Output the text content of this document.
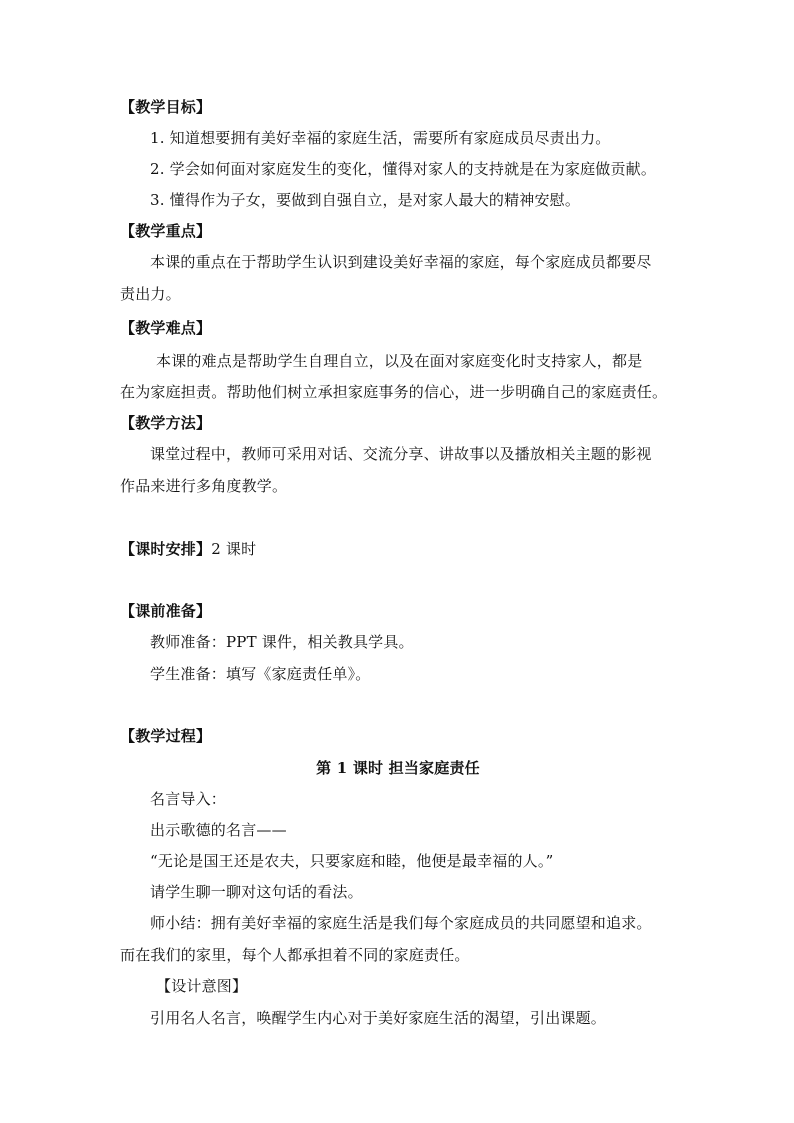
【教学目标】
1. 知道想要拥有美好幸福的家庭生活，需要所有家庭成员尽责出力。
2. 学会如何面对家庭发生的变化，懂得对家人的支持就是在为家庭做贡献。
3. 懂得作为子女，要做到自强自立，是对家人最大的精神安慰。
【教学重点】
本课的重点在于帮助学生认识到建设美好幸福的家庭，每个家庭成员都要尽
责出力。
【教学难点】
本课的难点是帮助学生自理自立，以及在面对家庭变化时支持家人，都是
在为家庭担责。帮助他们树立承担家庭事务的信心，进一步明确自己的家庭责任。
【教学方法】
课堂过程中，教师可采用对话、交流分享、讲故事以及播放相关主题的影视
作品来进行多角度教学。
【课时安排】2 课时
【课前准备】
教师准备：PPT 课件，相关教具学具。
学生准备：填写《家庭责任单》。
【教学过程】
第 1 课时 担当家庭责任
名言导入：
出示歌德的名言——
“无论是国王还是农夫，只要家庭和睦，他便是最幸福的人。”
请学生聊一聊对这句话的看法。
师小结：拥有美好幸福的家庭生活是我们每个家庭成员的共同愿望和追求。
而在我们的家里，每个人都承担着不同的家庭责任。
【设计意图】
引用名人名言，唤醒学生内心对于美好家庭生活的渴望，引出课题。
